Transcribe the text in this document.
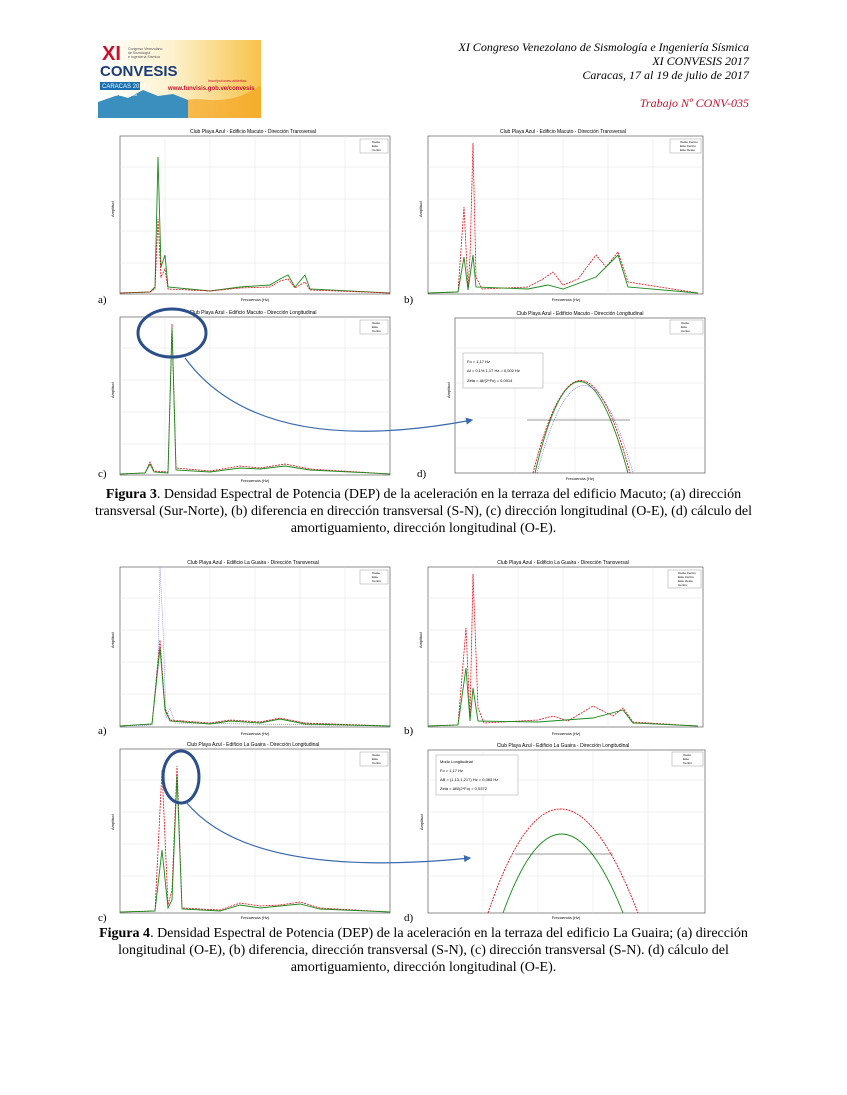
XI Congreso Venezolano de Sismología e Ingeniería Sísmica
XI CONVESIS 2017
Caracas, 17 al 19 de julio de 2017
Trabajo Nº CONV-035
XI
CONVESIS
Congreso Venezolano
de Sismología
e Ingeniería Sísmica
CARACAS 2017
Del 17 al 19 de julio
inscripciones abiertas
www.funvisis.gob.ve/convesis
Club Playa Azul - Edificio Macuto - Dirección Transversal
Oeste
Este
Centro
Frecuencia (Hz)
Amplitud
a)
Club Playa Azul - Edificio Macuto - Dirección Transversal
Oeste Centro
Este Centro
Este Oeste
Frecuencia (Hz)
Amplitud
b)
Club Playa Azul - Edificio Macuto - Dirección Longitudinal
Oeste
Este
Centro
Frecuencia (Hz)
Amplitud
c)
Club Playa Azul - Edificio Macuto - Dirección Longitudinal
Fo = 1,17 Hz
Δf = 0,1% 1,17 Hz = 0,002 Hz
Zeta = Δf/(2*Fo) = 0,0014
Oeste
Este
Centro
Frecuencia (Hz)
Amplitud
d)
Figura 3. Densidad Espectral de Potencia (DEP) de la aceleración en la terraza del edificio Macuto; (a) dirección transversal (Sur-Norte), (b) diferencia en dirección transversal (S-N), (c) dirección longitudinal (O-E), (d) cálculo del amortiguamiento, dirección longitudinal (O-E).
Club Playa Azul - Edificio La Guaira - Dirección Transversal
Oeste
Este
Centro
Frecuencia (Hz)
Amplitud
a)
Club Playa Azul - Edificio La Guaira - Dirección Transversal
Oeste Centro
Este Centro
Este Oeste
Centro
Frecuencia (Hz)
Amplitud
b)
Club Playa Azul - Edificio La Guaira - Dirección Longitudinal
Oeste
Este
Centro
Frecuencia (Hz)
Amplitud
c)
Club Playa Azul - Edificio La Guaira - Dirección Longitudinal
Modo Longitudinal
Fo = 1,17 Hz
ΔB = (1,13-1,217) Hz = 0,083 Hz
Zeta = ΔB/(2*Fo) = 0,0372
Oeste
Este
Centro
Frecuencia (Hz)
Amplitud
d)
Figura 4. Densidad Espectral de Potencia (DEP) de la aceleración en la terraza del edificio La Guaira; (a) dirección longitudinal (O-E), (b) diferencia, dirección transversal (S-N), (c) dirección transversal (S-N). (d) cálculo del amortiguamiento, dirección longitudinal (O-E).
